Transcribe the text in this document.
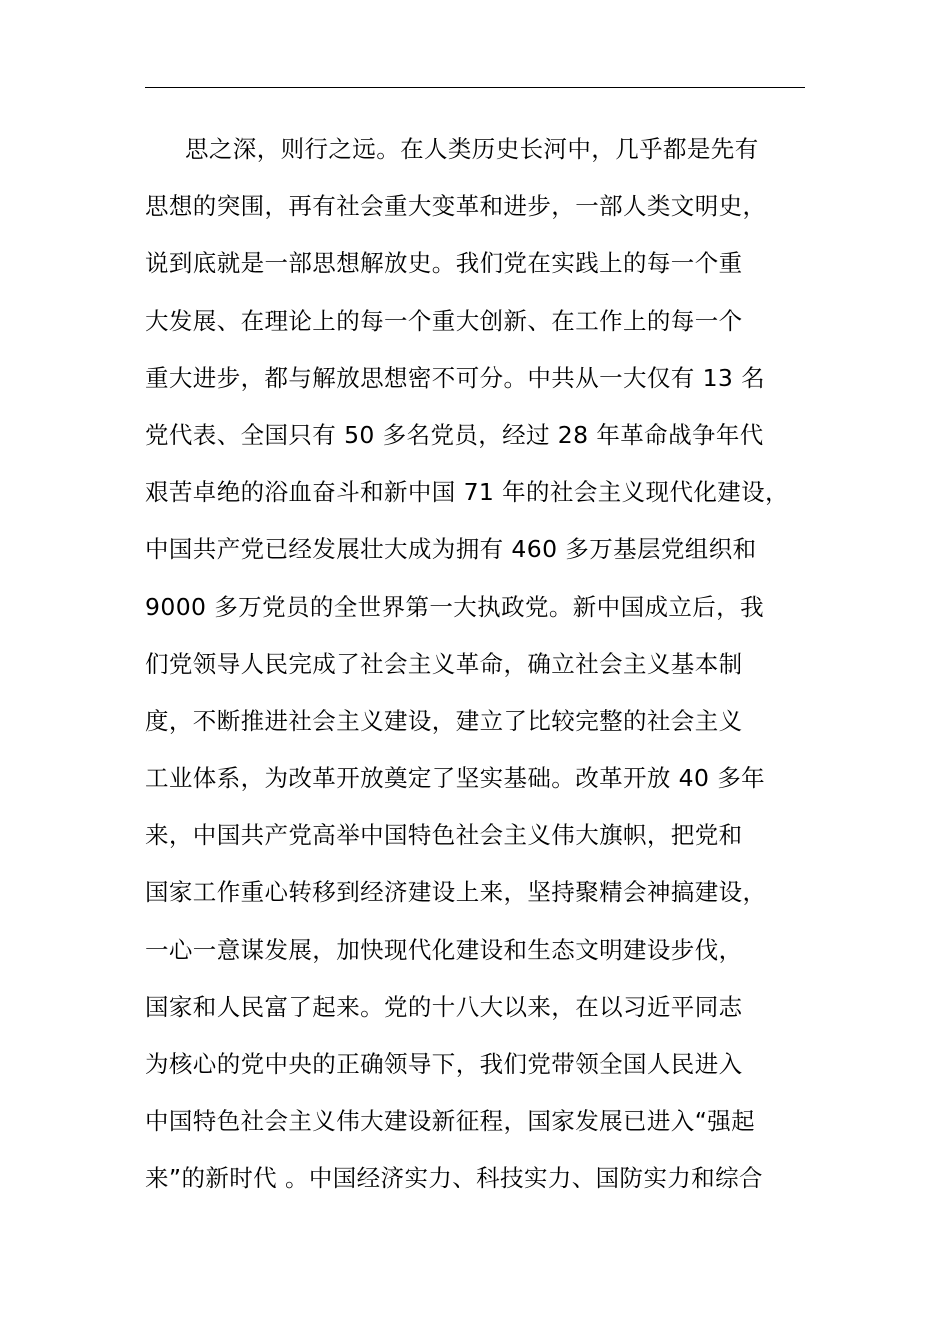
思之深，则行之远。在人类历史长河中，几乎都是先有
思想的突围，再有社会重大变革和进步，一部人类文明史，
说到底就是一部思想解放史。我们党在实践上的每一个重
大发展、在理论上的每一个重大创新、在工作上的每一个
重大进步，都与解放思想密不可分。中共从一大仅有 13 名
党代表、全国只有 50 多名党员，经过 28 年革命战争年代
艰苦卓绝的浴血奋斗和新中国 71 年的社会主义现代化建设，
中国共产党已经发展壮大成为拥有 460 多万基层党组织和
9000 多万党员的全世界第一大执政党。新中国成立后，我
们党领导人民完成了社会主义革命，确立社会主义基本制
度，不断推进社会主义建设，建立了比较完整的社会主义
工业体系，为改革开放奠定了坚实基础。改革开放 40 多年
来，中国共产党高举中国特色社会主义伟大旗帜，把党和
国家工作重心转移到经济建设上来，坚持聚精会神搞建设，
一心一意谋发展，加快现代化建设和生态文明建设步伐，
国家和人民富了起来。党的十八大以来，在以习近平同志
为核心的党中央的正确领导下，我们党带领全国人民进入
中国特色社会主义伟大建设新征程，国家发展已进入“强起
来”的新时代 。中国经济实力、科技实力、国防实力和综合
